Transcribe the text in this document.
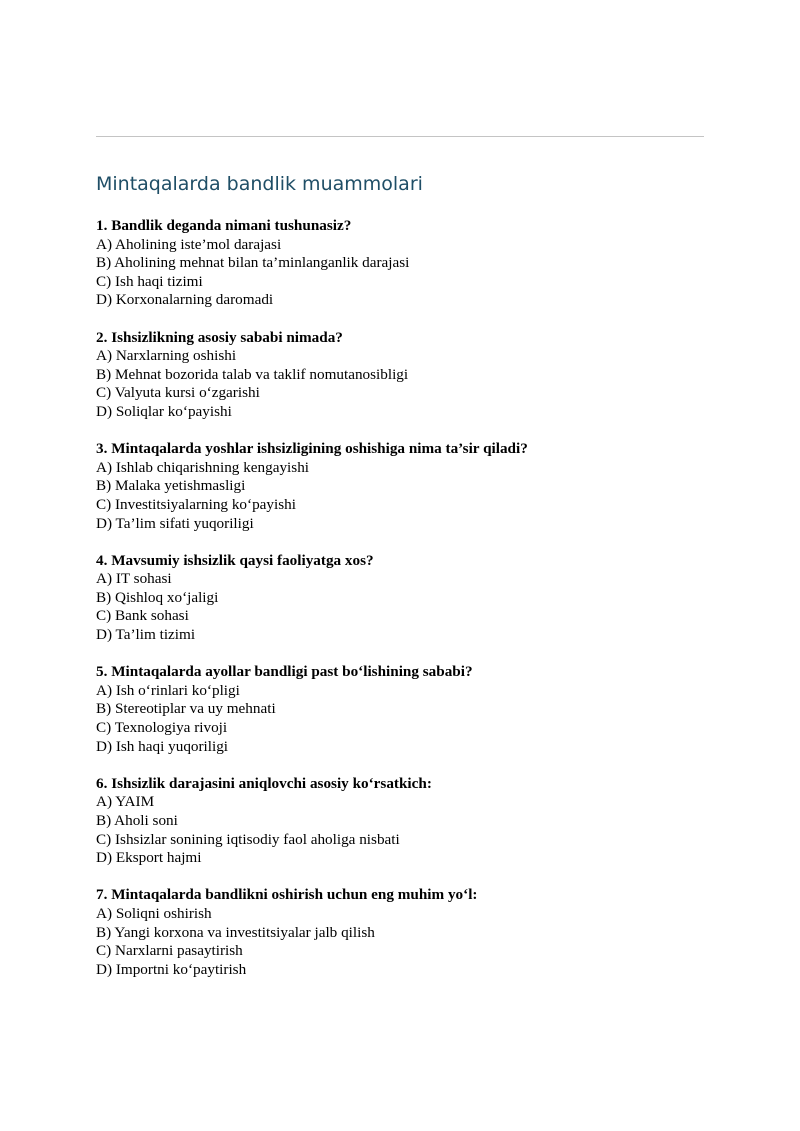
Mintaqalarda bandlik muammolari
1. Bandlik deganda nimani tushunasiz?
A) Aholining iste’mol darajasi
B) Aholining mehnat bilan ta’minlanganlik darajasi
C) Ish haqi tizimi
D) Korxonalarning daromadi
2. Ishsizlikning asosiy sababi nimada?
A) Narxlarning oshishi
B) Mehnat bozorida talab va taklif nomutanosibligi
C) Valyuta kursi o‘zgarishi
D) Soliqlar ko‘payishi
3. Mintaqalarda yoshlar ishsizligining oshishiga nima ta’sir qiladi?
A) Ishlab chiqarishning kengayishi
B) Malaka yetishmasligi
C) Investitsiyalarning ko‘payishi
D) Ta’lim sifati yuqoriligi
4. Mavsumiy ishsizlik qaysi faoliyatga xos?
A) IT sohasi
B) Qishloq xo‘jaligi
C) Bank sohasi
D) Ta’lim tizimi
5. Mintaqalarda ayollar bandligi past bo‘lishining sababi?
A) Ish o‘rinlari ko‘pligi
B) Stereotiplar va uy mehnati
C) Texnologiya rivoji
D) Ish haqi yuqoriligi
6. Ishsizlik darajasini aniqlovchi asosiy ko‘rsatkich:
A) YAIM
B) Aholi soni
C) Ishsizlar sonining iqtisodiy faol aholiga nisbati
D) Eksport hajmi
7. Mintaqalarda bandlikni oshirish uchun eng muhim yo‘l:
A) Soliqni oshirish
B) Yangi korxona va investitsiyalar jalb qilish
C) Narxlarni pasaytirish
D) Importni ko‘paytirish
